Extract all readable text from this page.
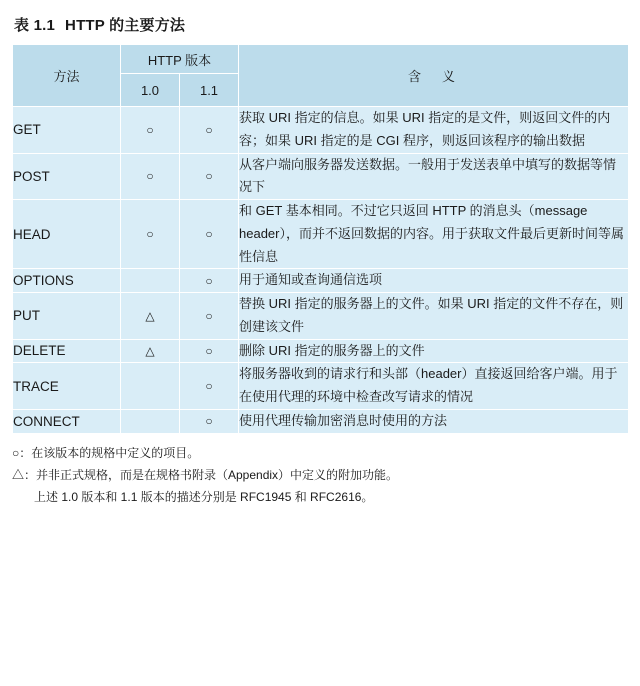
表 1.1 HTTP 的主要方法
方法	HTTP 版本		含　义
	1.0	1.1	
GET	○	○	获取 URI 指定的信息。如果 URI 指定的是文件，则返回文件的内容；如果 URI 指定的是 CGI 程序，则返回该程序的输出数据
POST	○	○	从客户端向服务器发送数据。一般用于发送表单中填写的数据等情况下
HEAD	○	○	和 GET 基本相同。不过它只返回 HTTP 的消息头（message header），而并不返回数据的内容。用于获取文件最后更新时间等属性信息
OPTIONS		○	用于通知或查询通信选项
PUT	△	○	替换 URI 指定的服务器上的文件。如果 URI 指定的文件不存在，则创建该文件
DELETE	△	○	删除 URI 指定的服务器上的文件
TRACE		○	将服务器收到的请求行和头部（header）直接返回给客户端。用于在使用代理的环境中检查改写请求的情况
CONNECT		○	使用代理传输加密消息时使用的方法
○：在该版本的规格中定义的项目。
△：并非正式规格，而是在规格书附录（Appendix）中定义的附加功能。
上述 1.0 版本和 1.1 版本的描述分别是 RFC1945 和 RFC2616。
